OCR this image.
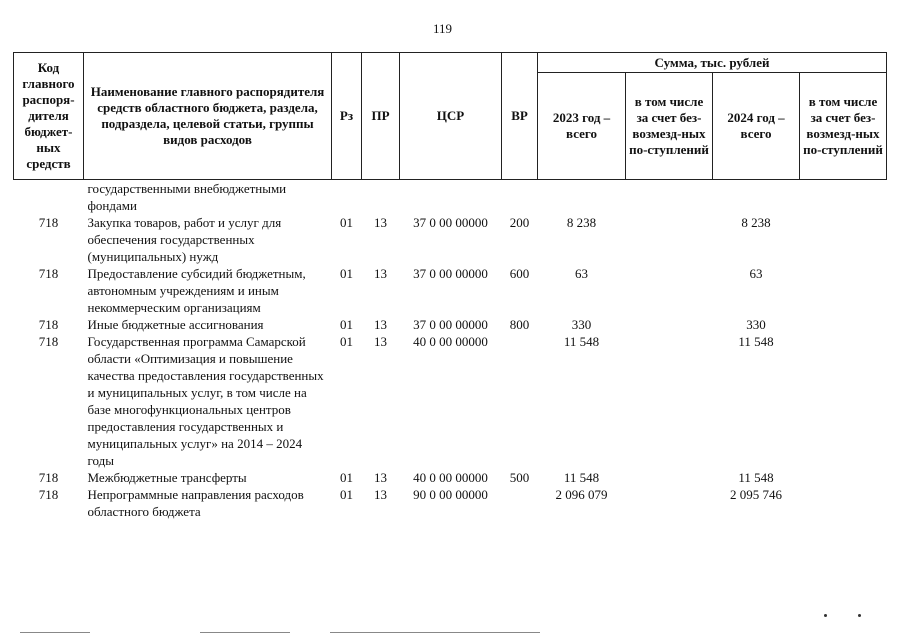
119
Код главного распоря-дителя бюджет-ных средств	Наименование главного распорядителя средств областного бюджета, раздела, подраздела, целевой статьи, группы видов расходов	Рз	ПР	ЦСР	ВР	Сумма, тыс. рублей			
						2023 год – всего	в том числе за счет без-возмезд-ных по-ступлений	2024 год – всего	в том числе за счет без-возмезд-ных по-ступлений
	государственными внебюджетными фондами								
718	Закупка товаров, работ и услуг для обеспечения государственных (муниципальных) нужд	01	13	37 0 00 00000	200	8 238		8 238	
718	Предоставление субсидий бюджетным, автономным учреждениям и иным некоммерческим организациям	01	13	37 0 00 00000	600	63		63	
718	Иные бюджетные ассигнования	01	13	37 0 00 00000	800	330		330	
718	Государственная программа Самарской области «Оптимизация и повышение качества предоставления государственных и муниципальных услуг, в том числе на базе многофункциональных центров предоставления государственных и муниципальных услуг» на 2014 – 2024 годы	01	13	40 0 00 00000		11 548		11 548	
718	Межбюджетные трансферты	01	13	40 0 00 00000	500	11 548		11 548	
718	Непрограммные направления расходов областного бюджета	01	13	90 0 00 00000		2 096 079		2 095 746	
